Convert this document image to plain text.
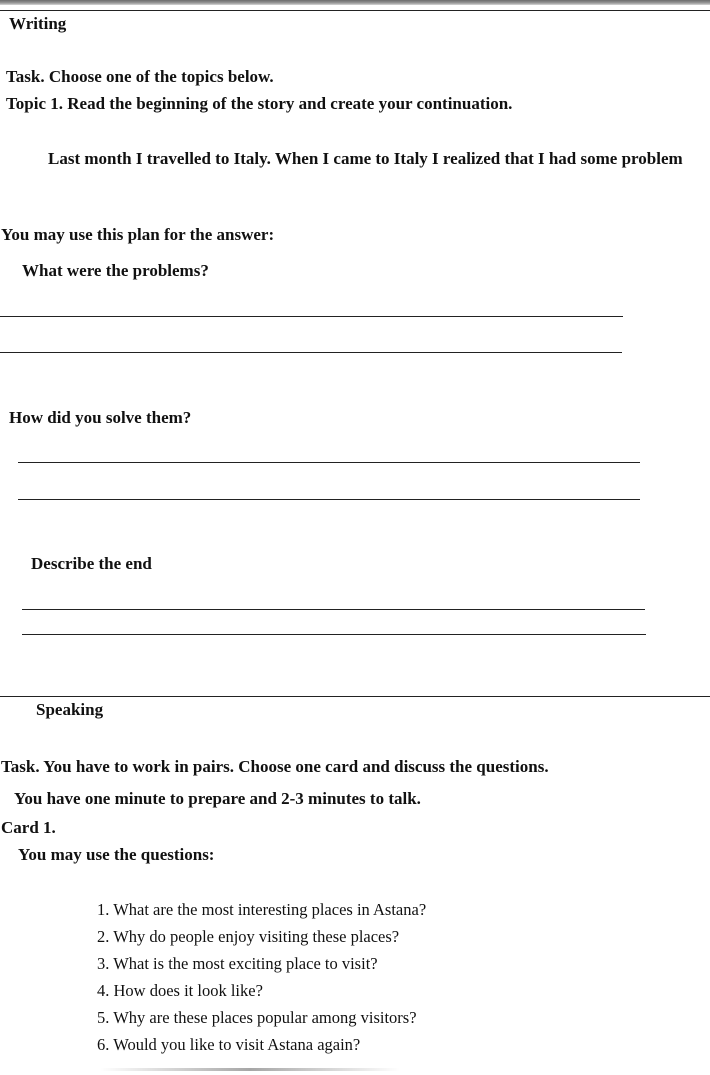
Writing
Task. Choose one of the topics below.
Topic 1. Read the beginning of the story and create your continuation.
Last month I travelled to Italy. When I came to Italy I realized that I had some problem
You may use this plan for the answer:
What were the problems?
How did you solve them?
Describe the end
Speaking
Task. You have to work in pairs. Choose one card and discuss the questions.
You have one minute to prepare and 2-3 minutes to talk.
Card 1.
You may use the questions:
1. What are the most interesting places in Astana?
2. Why do people enjoy visiting these places?
3. What is the most exciting place to visit?
4. How does it look like?
5. Why are these places popular among visitors?
6. Would you like to visit Astana again?
